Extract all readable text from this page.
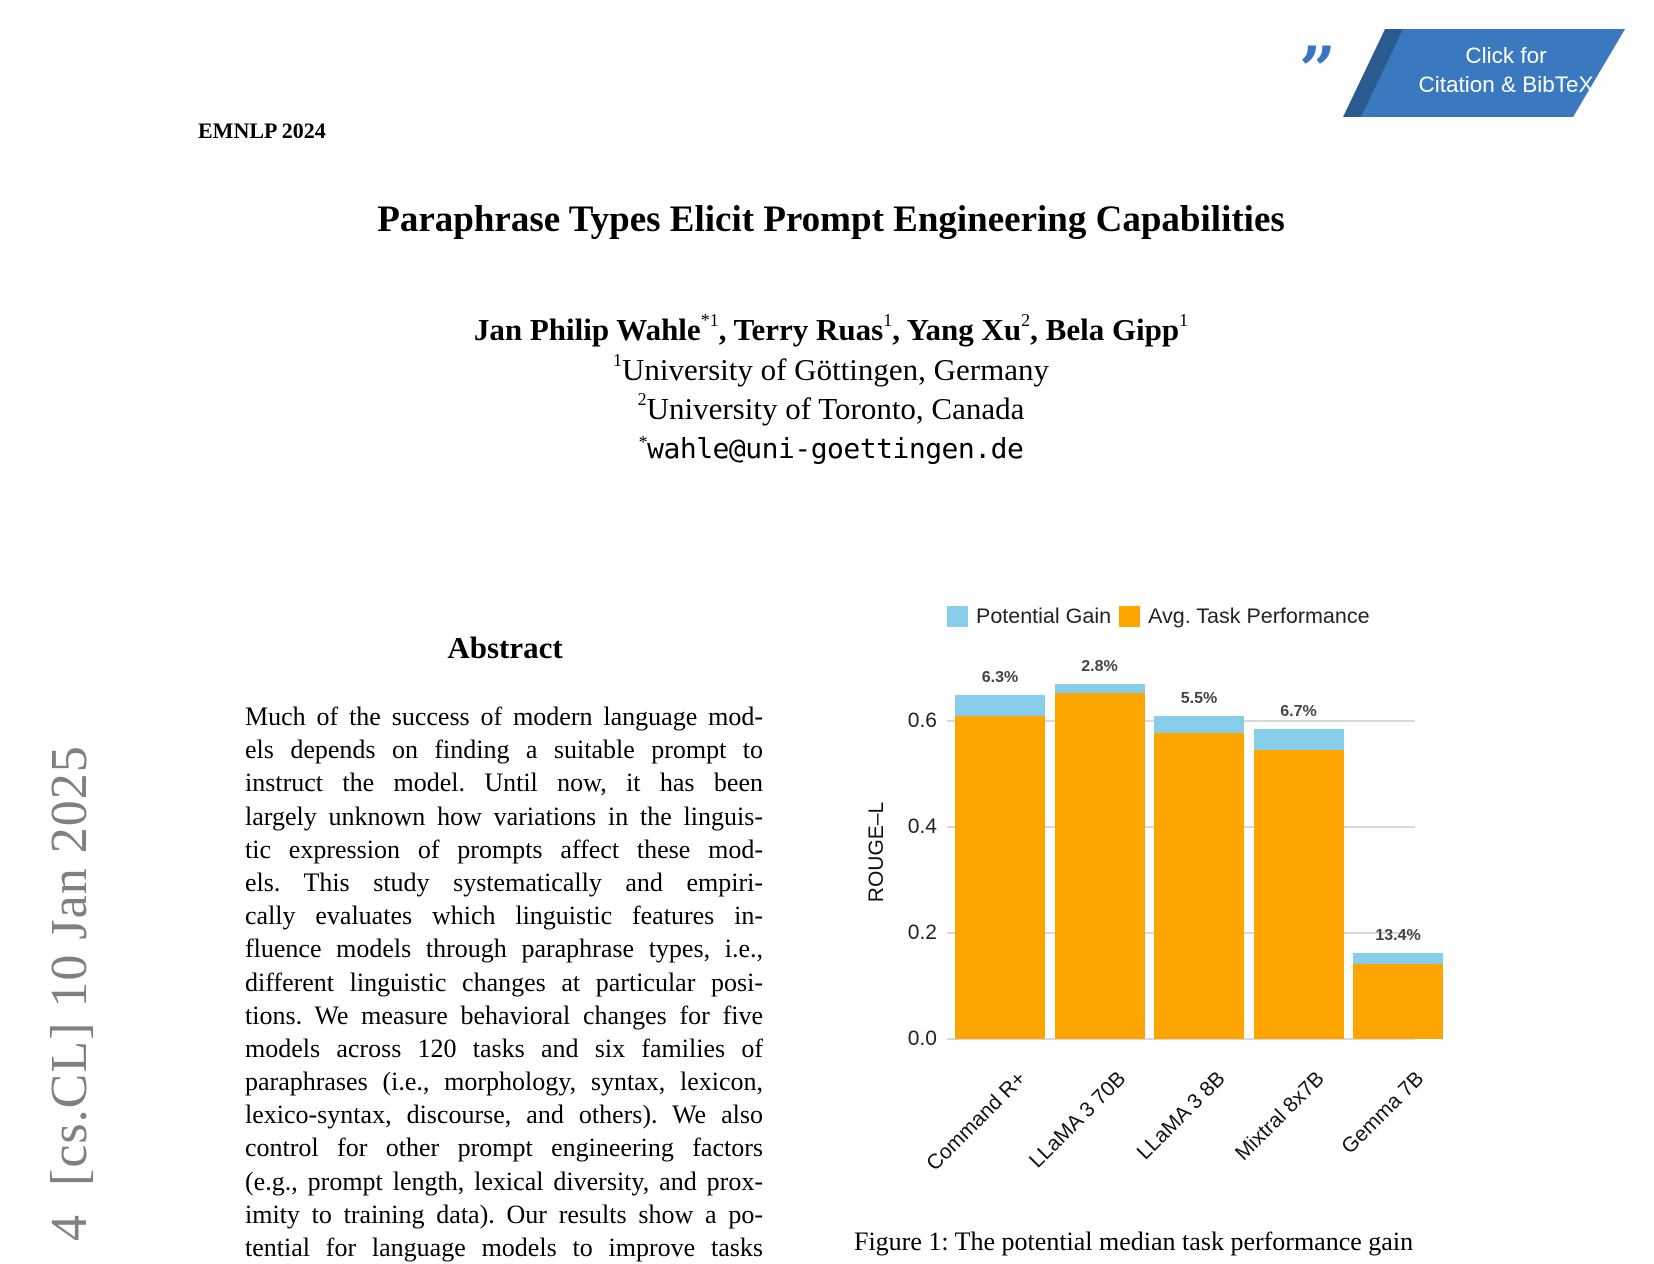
EMNLP 2024
”	Click for
Citation & BibTeX
Paraphrase Types Elicit Prompt Engineering Capabilities
Jan Philip Wahle$^{*1}$, Terry Ruas$^1$, Yang Xu$^2$, Bela Gipp$^1$
$^1$University of Göttingen, Germany
$^2$University of Toronto, Canada
*wahle@uni-goettingen.de
4  [cs.CL] 10 Jan 2025
Abstract
Much of the success of modern language mod-
els depends on finding a suitable prompt to
instruct the model. Until now, it has been
largely unknown how variations in the linguis-
tic expression of prompts affect these mod-
els. This study systematically and empiri-
cally evaluates which linguistic features in-
fluence models through paraphrase types, i.e.,
different linguistic changes at particular posi-
tions. We measure behavioral changes for five
models across 120 tasks and six families of
paraphrases (i.e., morphology, syntax, lexicon,
lexico-syntax, discourse, and others). We also
control for other prompt engineering factors
(e.g., prompt length, lexical diversity, and prox-
imity to training data). Our results show a po-
tential for language models to improve tasks
Potential Gain Avg. Task Performance
ROUGE–L
0.0
0.2
0.4
0.6
6.3%
Command R+
2.8%
LLaMA 3 70B
5.5%
LLaMA 3 8B
6.7%
Mixtral 8x7B
13.4%
Gemma 7B
Figure 1: The potential median task performance gain
